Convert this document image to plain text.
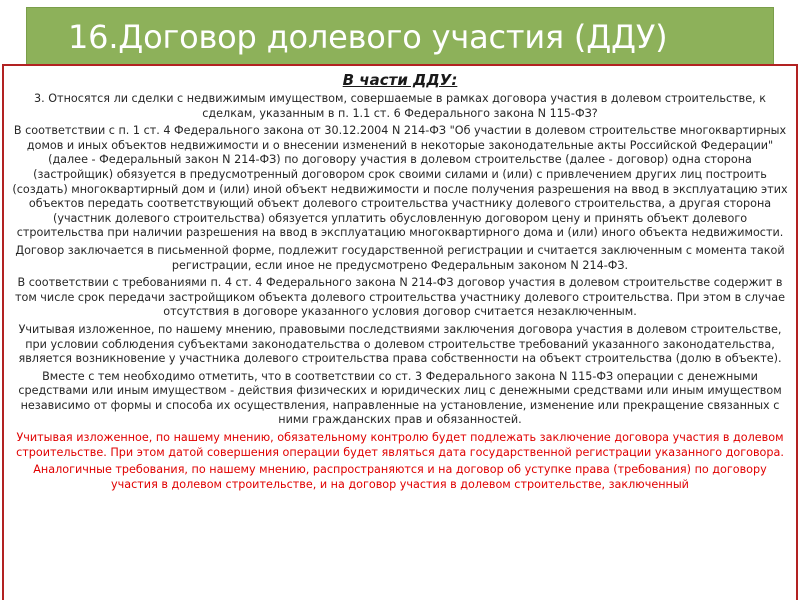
16.Договор долевого участия (ДДУ)
В части ДДУ:
3. Относятся ли сделки с недвижимым имуществом, совершаемые в рамках договора участия в долевом строительстве, к сделкам, указанным в п. 1.1 ст. 6 Федерального закона N 115-ФЗ?
В соответствии с п. 1 ст. 4 Федерального закона от 30.12.2004 N 214-ФЗ "Об участии в долевом строительстве многоквартирных домов и иных объектов недвижимости и о внесении изменений в некоторые законодательные акты Российской Федерации" (далее - Федеральный закон N 214-ФЗ) по договору участия в долевом строительстве (далее - договор) одна сторона (застройщик) обязуется в предусмотренный договором срок своими силами и (или) с привлечением других лиц построить (создать) многоквартирный дом и (или) иной объект недвижимости и после получения разрешения на ввод в эксплуатацию этих объектов передать соответствующий объект долевого строительства участнику долевого строительства, а другая сторона (участник долевого строительства) обязуется уплатить обусловленную договором цену и принять объект долевого строительства при наличии разрешения на ввод в эксплуатацию многоквартирного дома и (или) иного объекта недвижимости.
Договор заключается в письменной форме, подлежит государственной регистрации и считается заключенным с момента такой регистрации, если иное не предусмотрено Федеральным законом N 214-ФЗ.
В соответствии с требованиями п. 4 ст. 4 Федерального закона N 214-ФЗ договор участия в долевом строительстве содержит в том числе срок передачи застройщиком объекта долевого строительства участнику долевого строительства. При этом в случае отсутствия в договоре указанного условия договор считается незаключенным.
Учитывая изложенное, по нашему мнению, правовыми последствиями заключения договора участия в долевом строительстве, при условии соблюдения субъектами законодательства о долевом строительстве требований указанного законодательства, является возникновение у участника долевого строительства права собственности на объект строительства (долю в объекте).
Вместе с тем необходимо отметить, что в соответствии со ст. 3 Федерального закона N 115-ФЗ операции с денежными средствами или иным имуществом - действия физических и юридических лиц с денежными средствами или иным имуществом независимо от формы и способа их осуществления, направленные на установление, изменение или прекращение связанных с ними гражданских прав и обязанностей.
Учитывая изложенное, по нашему мнению, обязательному контролю будет подлежать заключение договора участия в долевом строительстве. При этом датой совершения операции будет являться дата государственной регистрации указанного договора.
Аналогичные требования, по нашему мнению, распространяются и на договор об уступке права (требования) по договору участия в долевом строительстве, и на договор участия в долевом строительстве, заключенный
